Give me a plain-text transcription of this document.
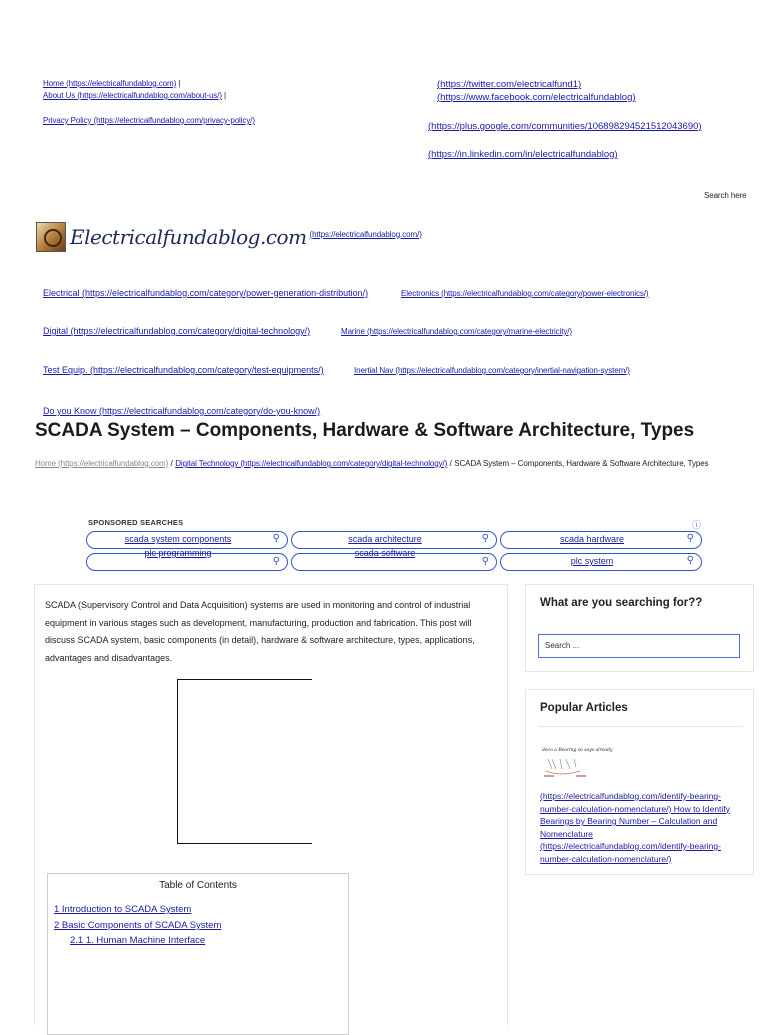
Home (https://electricalfundablog.com) |
About Us (https://electricalfundablog.com/about-us/) |
Privacy Policy (https://electricalfundablog.com/privacy-policy/)
(https://twitter.com/electricalfund1)
(https://www.facebook.com/electricalfundablog)
(https://plus.google.com/communities/106898294521512043690)
(https://in.linkedin.com/in/electricalfundablog)
Search here
Electricalfundablog.com (https://electricalfundablog.com/)
Electrical (https://electricalfundablog.com/category/power-generation-distribution/)	Electronics (https://electricalfundablog.com/category/power-electronics/)
Digital (https://electricalfundablog.com/category/digital-technology/)	Marine (https://electricalfundablog.com/category/marine-electricity/)
Test Equip. (https://electricalfundablog.com/category/test-equipments/)	Inertial Nav (https://electricalfundablog.com/category/inertial-navigation-system/)
Do you Know (https://electricalfundablog.com/category/do-you-know/)
SCADA System – Components, Hardware & Software Architecture, Types
Home (https://electricalfundablog.com) / Digital Technology (https://electricalfundablog.com/category/digital-technology/) / SCADA System – Components, Hardware & Software Architecture, Types
SPONSORED SEARCHES	ⓘ
scada system components	⚲	scada architecture	⚲	scada hardware	⚲
plc programming
⚲
scada software
⚲	plc system	⚲
SCADA (Supervisory Control and Data Acquisition) systems are used in monitoring and control of industrial equipment in various stages such as development, manufacturing, production and fabrication. This post will discuss SCADA system, basic components (in detail), hardware & software architecture, types, applications, advantages and disadvantages.
Table of Contents
1 Introduction to SCADA System
2 Basic Components of SCADA System
2.1 1. Human Machine Interface
What are you searching for??
Search ...
Popular Articles
deco a Bearing so says already
(https://electricalfundablog.com/identify-bearing-number-calculation-nomenclature/) How to Identify Bearings by Bearing Number – Calculation and Nomenclature (https://electricalfundablog.com/identify-bearing-number-calculation-nomenclature/)
